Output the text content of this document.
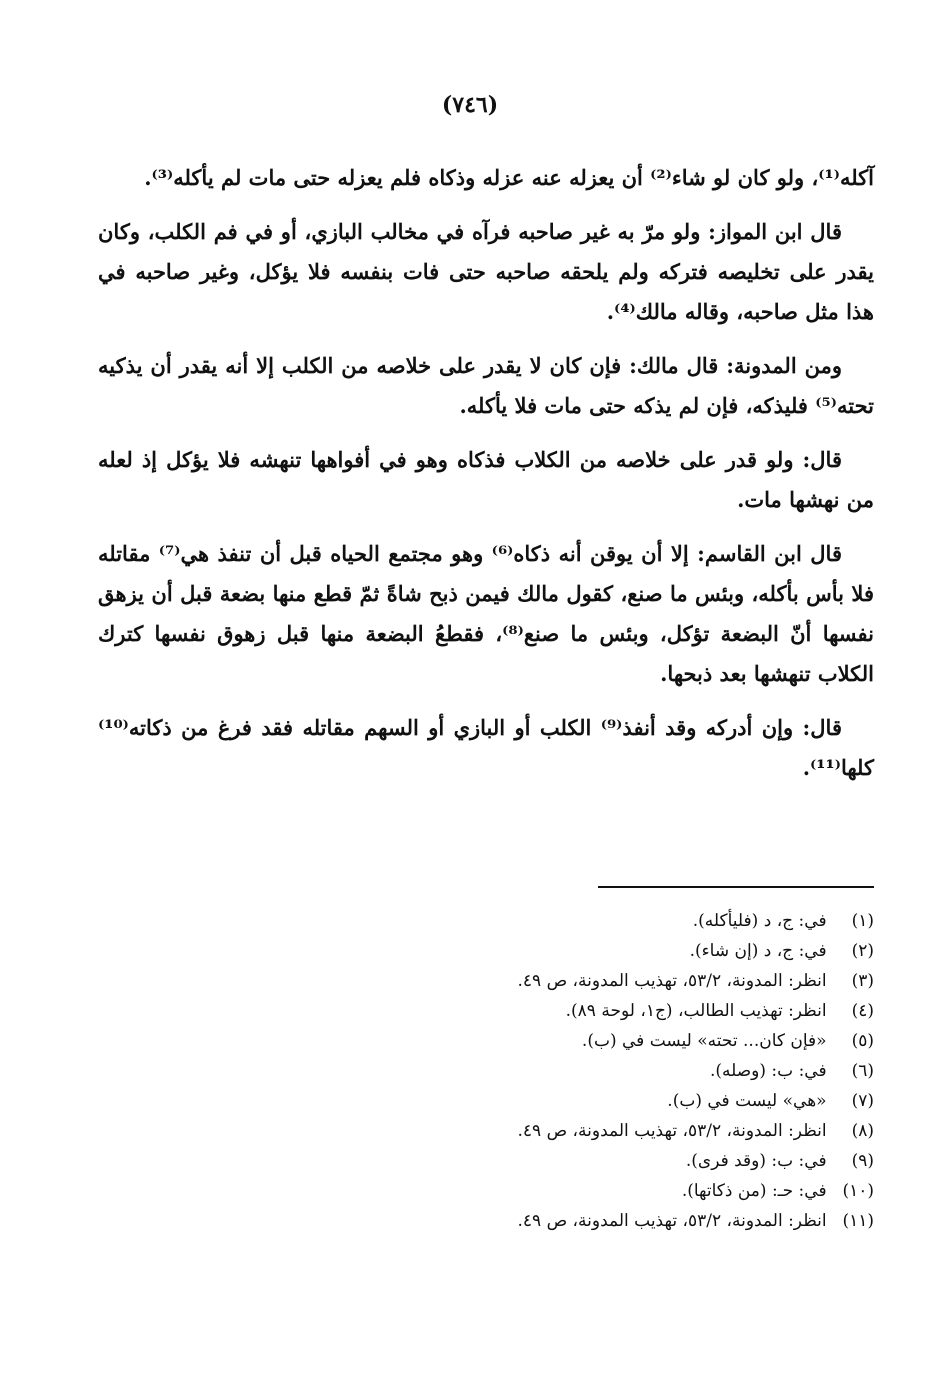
(٧٤٦)

آكله⁽¹⁾، ولو كان لو شاء⁽²⁾ أن يعزله عنه عزله وذكاه فلم يعزله حتى مات لم يأكله⁽³⁾.

قال ابن المواز: ولو مرّ به غير صاحبه فرآه في مخالب البازي، أو في فم الكلب، وكان يقدر على تخليصه فتركه ولم يلحقه صاحبه حتى فات بنفسه فلا يؤكل، وغير صاحبه في هذا مثل صاحبه، وقاله مالك⁽⁴⁾.

ومن المدونة: قال مالك: فإن كان لا يقدر على خلاصه من الكلب إلا أنه يقدر أن يذكيه تحته⁽⁵⁾ فليذكه، فإن لم يذكه حتى مات فلا يأكله.

قال: ولو قدر على خلاصه من الكلاب فذكاه وهو في أفواهها تنهشه فلا يؤكل إذ لعله من نهشها مات.

قال ابن القاسم: إلا أن يوقن أنه ذكاه⁽⁶⁾ وهو مجتمع الحياه قبل أن تنفذ هي⁽⁷⁾ مقاتله فلا بأس بأكله، وبئس ما صنع، كقول مالك فيمن ذبح شاةً ثمّ قطع منها بضعة قبل أن يزهق نفسها أنّ البضعة تؤكل، وبئس ما صنع⁽⁸⁾، فقطعُ البضعة منها قبل زهوق نفسها كترك الكلاب تنهشها بعد ذبحها.

قال: وإن أدركه وقد أنفذ⁽⁹⁾ الكلب أو البازي أو السهم مقاتله فقد فرغ من ذكاته⁽¹⁰⁾ كلها⁽¹¹⁾.

(١) في: ج، د (فليأكله).
(٢) في: ج، د (إن شاء).
(٣) انظر: المدونة، ٥٣/٢، تهذيب المدونة، ص ٤٩.
(٤) انظر: تهذيب الطالب، (ج١، لوحة ٨٩).
(٥) «فإن كان... تحته» ليست في (ب).
(٦) في: ب: (وصله).
(٧) «هي» ليست في (ب).
(٨) انظر: المدونة، ٥٣/٢، تهذيب المدونة، ص ٤٩.
(٩) في: ب: (وقد فرى).
(١٠) في: حـ: (من ذكاتها).
(١١) انظر: المدونة، ٥٣/٢، تهذيب المدونة، ص ٤٩.
